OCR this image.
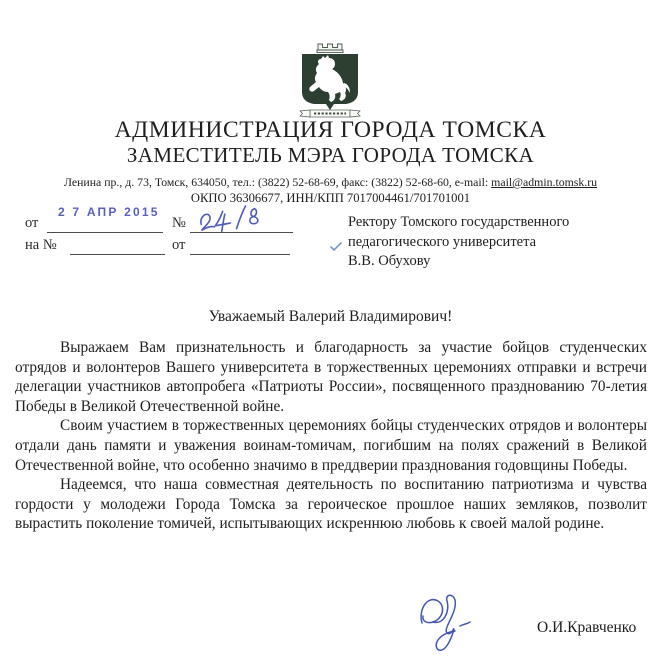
АДМИНИСТРАЦИЯ ГОРОДА ТОМСКА
ЗАМЕСТИТЕЛЬ МЭРА ГОРОДА ТОМСКА
Ленина пр., д. 73, Томск, 634050, тел.: (3822) 52-68-69, факс: (3822) 52-68-60, e-mail: mail@admin.tomsk.ru
ОКПО 36306677, ИНН/КПП 7017004461/701701001
от	№
2 7 АПР 2015
на №	от
Ректору Томского государственного
педагогического университета
В.В. Обухову
Уважаемый Валерий Владимирович!

Выражаем Вам признательность и благодарность за участие бойцов студенческих отрядов и волонтеров Вашего университета в торжественных церемониях отправки и встречи делегации участников автопробега «Патриоты России», посвященного празднованию 70-летия Победы в Великой Отечественной войне.

Своим участием в торжественных церемониях бойцы студенческих отрядов и волонтеры отдали дань памяти и уважения воинам-томичам, погибшим на полях сражений в Великой Отечественной войне, что особенно значимо в преддверии празднования годовщины Победы.

Надеемся, что наша совместная деятельность по воспитанию патриотизма и чувства гордости у молодежи Города Томска за героическое прошлое наших земляков, позволит вырастить поколение томичей, испытывающих искреннюю любовь к своей малой родине.

О.И.Кравченко
